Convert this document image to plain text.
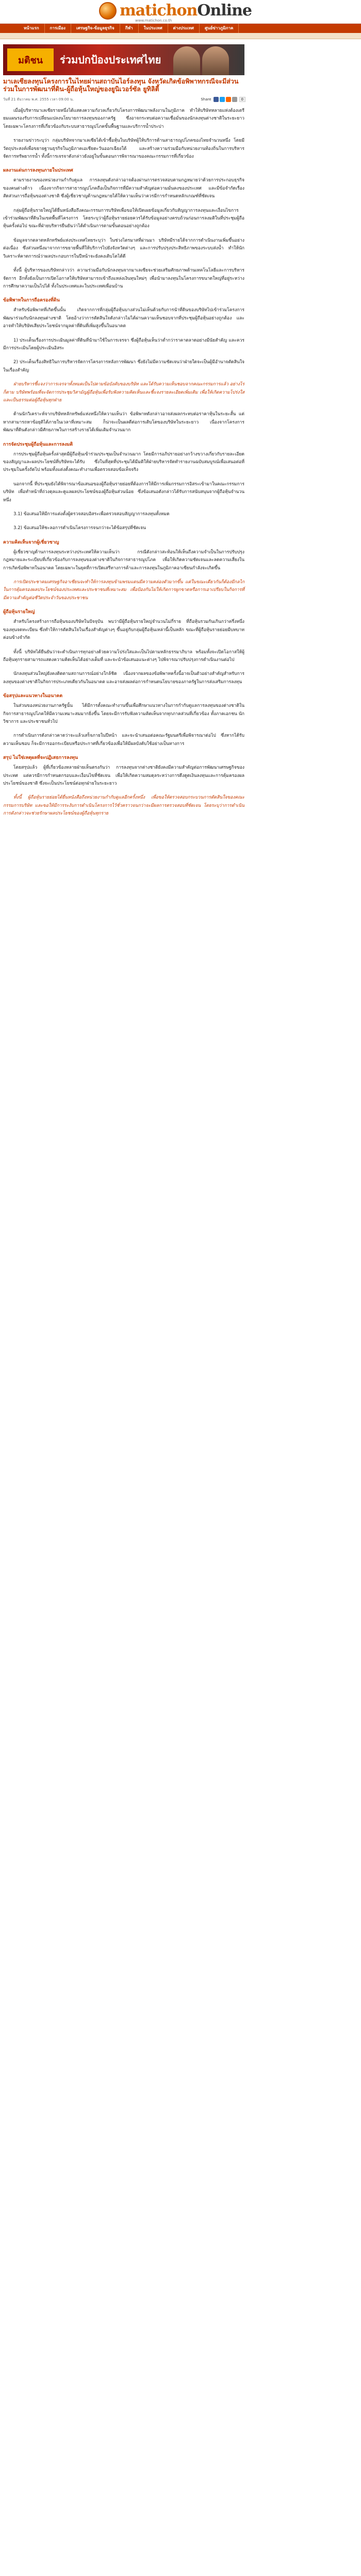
matichonOnline
www.matichon.co.th
หน้าแรก	การเมือง	เศรษฐกิจ-ข้อมูลธุรกิจ	กีฬา	ในประเทศ	ต่างประเทศ	ศูนย์ข่าวภูมิภาค
มติชน	ร่วมปกป้องประเทศไทย
มาเลเซียลงทุนโครงการในไทยผ่านสถาบันไอร์ลงทุน จังหวัดเกิดข้อพิพาทกรณีจะมีส่วนร่วมในการพัฒนาที่ดิน-ผู้ถือหุ้นใหญ่ของยูนิเวอร์ซัล ยูทิลิตี้
วันที่ 21 ธันวาคม พ.ศ. 2555 เวลา 09:00 น.	Share	0

เมื่อผู้บริหารมาเลเซียรายหนึ่งได้แสดงความกังวลเกี่ยวกับโครงการพัฒนาพลังงานในภูมิภาค ทำให้บริษัทหลายแห่งต้องเตรียมแผนรองรับการเปลี่ยนแปลงนโยบายการลงทุนของภาครัฐ ซึ่งอาจกระทบต่อความเชื่อมั่นของนักลงทุนต่างชาติในระยะยาว โดยเฉพาะโครงการที่เกี่ยวข้องกับระบบสาธารณูปโภคขั้นพื้นฐานและบริการน้ำประปา

รายงานข่าวระบุว่า กลุ่มบริษัทจากมาเลเซียได้เข้าซื้อหุ้นในบริษัทผู้ให้บริการด้านสาธารณูปโภคของไทยจำนวนหนึ่ง โดยมีวัตถุประสงค์เพื่อขยายฐานธุรกิจในภูมิภาคเอเชียตะวันออกเฉียงใต้ และสร้างความร่วมมือกับหน่วยงานท้องถิ่นในการบริหารจัดการทรัพยากรน้ำ ทั้งนี้การเจรจาดังกล่าวยังอยู่ในขั้นตอนการพิจารณาของคณะกรรมการที่เกี่ยวข้อง

ผลงานเด่นการลงทุนภายในประเทศ

ตามรายงานของหน่วยงานกำกับดูแล การลงทุนดังกล่าวอาจต้องผ่านการตรวจสอบตามกฎหมายว่าด้วยการประกอบธุรกิจของคนต่างด้าว เนื่องจากกิจการสาธารณูปโภคถือเป็นกิจการที่มีความสำคัญต่อความมั่นคงของประเทศ และมีข้อจำกัดเรื่องสัดส่วนการถือหุ้นของต่างชาติ ซึ่งผู้เชี่ยวชาญด้านกฎหมายได้ให้ความเห็นว่าควรมีการกำหนดหลักเกณฑ์ที่ชัดเจน

กลุ่มผู้ถือหุ้นรายใหญ่ได้ยื่นหนังสือถึงคณะกรรมการบริษัทเพื่อขอให้เปิดเผยข้อมูลเกี่ยวกับสัญญาการลงทุนและเงื่อนไขการเข้าร่วมพัฒนาที่ดินในเขตพื้นที่โครงการ โดยระบุว่าผู้ถือหุ้นรายย่อยควรได้รับข้อมูลอย่างครบถ้วนก่อนการลงมติในที่ประชุมผู้ถือหุ้นครั้งต่อไป ขณะที่ฝ่ายบริหารยืนยันว่าได้ดำเนินการตามขั้นตอนอย่างถูกต้อง

ข้อมูลจากตลาดหลักทรัพย์แห่งประเทศไทยระบุว่า ในช่วงไตรมาสที่ผ่านมา บริษัทมีรายได้จากการดำเนินงานเพิ่มขึ้นอย่างต่อเนื่อง ซึ่งส่วนหนึ่งมาจากการขยายพื้นที่ให้บริการไปยังจังหวัดต่างๆ และการปรับปรุงประสิทธิภาพของระบบส่งน้ำ ทำให้นักวิเคราะห์คาดการณ์ว่าผลประกอบการในปีหน้าจะยังคงเติบโตได้ดี

ทั้งนี้ ผู้บริหารของบริษัทกล่าวว่า ความร่วมมือกับนักลงทุนจากมาเลเซียจะช่วยเสริมศักยภาพด้านเทคโนโลยีและการบริหารจัดการ อีกทั้งยังเป็นการเปิดโอกาสให้บริษัทสามารถเข้าถึงแหล่งเงินทุนใหม่ๆ เพื่อนำมาลงทุนในโครงการขนาดใหญ่ที่อยู่ระหว่างการศึกษาความเป็นไปได้ ทั้งในประเทศและในประเทศเพื่อนบ้าน

ข้อพิพาทในการถือครองที่ดิน

สำหรับข้อพิพาทที่เกิดขึ้นนั้น เกิดจากการที่กลุ่มผู้ถือหุ้นบางส่วนไม่เห็นด้วยกับการนำที่ดินของบริษัทไปเข้าร่วมโครงการพัฒนาร่วมกับนักลงทุนต่างชาติ โดยอ้างว่าการตัดสินใจดังกล่าวไม่ได้ผ่านความเห็นชอบจากที่ประชุมผู้ถือหุ้นอย่างถูกต้อง และอาจทำให้บริษัทเสียประโยชน์จากมูลค่าที่ดินที่เพิ่มสูงขึ้นในอนาคต

1) ประเด็นเรื่องการประเมินมูลค่าที่ดินที่นำมาใช้ในการเจรจา ซึ่งผู้ถือหุ้นเห็นว่าต่ำกว่าราคาตลาดอย่างมีนัยสำคัญ และควรมีการประเมินโดยผู้ประเมินอิสระ

2) ประเด็นเรื่องสิทธิในการบริหารจัดการโครงการหลังการพัฒนา ซึ่งยังไม่มีความชัดเจนว่าฝ่ายใดจะเป็นผู้มีอำนาจตัดสินใจในเรื่องสำคัญ

ฝ่ายบริหารชี้แจงว่าการเจรจาทั้งหมดเป็นไปตามข้อบังคับของบริษัท และได้รับความเห็นชอบจากคณะกรรมการแล้ว อย่างไรก็ตาม บริษัทพร้อมที่จะจัดการประชุมวิสามัญผู้ถือหุ้นเพื่อรับฟังความคิดเห็นและชี้แจงรายละเอียดเพิ่มเติม เพื่อให้เกิดความโปร่งใสและเป็นธรรมต่อผู้ถือหุ้นทุกฝ่าย

ด้านนักวิเคราะห์จากบริษัทหลักทรัพย์แห่งหนึ่งให้ความเห็นว่า ข้อพิพาทดังกล่าวอาจส่งผลกระทบต่อราคาหุ้นในระยะสั้น แต่หากสามารถหาข้อยุติได้ภายในเวลาที่เหมาะสม ก็น่าจะเป็นผลดีต่อการเติบโตของบริษัทในระยะยาว เนื่องจากโครงการพัฒนาที่ดินดังกล่าวมีศักยภาพในการสร้างรายได้เพิ่มเติมจำนวนมาก

การจัดประชุมผู้ถือหุ้นและการลงมติ

การประชุมผู้ถือหุ้นครั้งล่าสุดมีผู้ถือหุ้นเข้าร่วมประชุมเป็นจำนวนมาก โดยมีการอภิปรายอย่างกว้างขวางเกี่ยวกับรายละเอียดของสัญญาและผลประโยชน์ที่บริษัทจะได้รับ ซึ่งในที่สุดที่ประชุมได้มีมติให้ฝ่ายบริหารจัดทำรายงานฉบับสมบูรณ์เพื่อเสนอต่อที่ประชุมในครั้งถัดไป พร้อมทั้งแต่งตั้งคณะทำงานเพื่อตรวจสอบข้อเท็จจริง

นอกจากนี้ ที่ประชุมยังได้พิจารณาข้อเสนอของผู้ถือหุ้นรายย่อยที่ต้องการให้มีการเพิ่มกรรมการอิสระเข้ามาในคณะกรรมการบริษัท เพื่อทำหน้าที่ถ่วงดุลและดูแลผลประโยชน์ของผู้ถือหุ้นส่วนน้อย ซึ่งข้อเสนอดังกล่าวได้รับการสนับสนุนจากผู้ถือหุ้นจำนวนหนึ่ง

3.1) ข้อเสนอให้มีการแต่งตั้งผู้ตรวจสอบอิสระเพื่อตรวจสอบสัญญาการลงทุนทั้งหมด

3.2) ข้อเสนอให้ชะลอการดำเนินโครงการจนกว่าจะได้ข้อสรุปที่ชัดเจน

ความคิดเห็นจากผู้เชี่ยวชาญ

ผู้เชี่ยวชาญด้านการลงทุนระหว่างประเทศให้ความเห็นว่า กรณีดังกล่าวสะท้อนให้เห็นถึงความจำเป็นในการปรับปรุงกฎหมายและระเบียบที่เกี่ยวข้องกับการลงทุนของต่างชาติในกิจการสาธารณูปโภค เพื่อให้เกิดความชัดเจนและลดความเสี่ยงในการเกิดข้อพิพาทในอนาคต โดยเฉพาะในยุคที่การเปิดเสรีทางการค้าและการลงทุนในภูมิภาคอาเซียนกำลังจะเกิดขึ้น

การเปิดประชาคมเศรษฐกิจอาเซียนจะทำให้การลงทุนข้ามพรมแดนมีความคล่องตัวมากขึ้น แต่ในขณะเดียวกันก็ต้องมีกลไกในการคุ้มครองผลประโยชน์ของประเทศและประชาชนที่เหมาะสม เพื่อป้องกันไม่ให้เกิดการผูกขาดหรือการเอาเปรียบในกิจการที่มีความสำคัญต่อชีวิตประจำวันของประชาชน

ผู้ถือหุ้นรายใหญ่

สำหรับโครงสร้างการถือหุ้นของบริษัทในปัจจุบัน พบว่ามีผู้ถือหุ้นรายใหญ่จำนวนไม่กี่ราย ที่ถือหุ้นรวมกันเกินกว่าครึ่งหนึ่งของทุนจดทะเบียน ซึ่งทำให้การตัดสินใจในเรื่องสำคัญต่างๆ ขึ้นอยู่กับกลุ่มผู้ถือหุ้นเหล่านี้เป็นหลัก ขณะที่ผู้ถือหุ้นรายย่อยมีบทบาทค่อนข้างจำกัด

ทั้งนี้ บริษัทได้ยืนยันว่าจะดำเนินการทุกอย่างด้วยความโปร่งใสและเป็นไปตามหลักธรรมาภิบาล พร้อมทั้งจะเปิดโอกาสให้ผู้ถือหุ้นทุกรายสามารถแสดงความคิดเห็นได้อย่างเต็มที่ และจะนำข้อเสนอแนะต่างๆ ไปพิจารณาปรับปรุงการดำเนินงานต่อไป

นักลงทุนส่วนใหญ่ยังคงติดตามสถานการณ์อย่างใกล้ชิด เนื่องจากผลของข้อพิพาทครั้งนี้อาจเป็นตัวอย่างสำคัญสำหรับการลงทุนของต่างชาติในกิจการประเภทเดียวกันในอนาคต และอาจส่งผลต่อการกำหนดนโยบายของภาครัฐในการส่งเสริมการลงทุน

ข้อสรุปและแนวทางในอนาคต

ในส่วนของหน่วยงานภาครัฐนั้น ได้มีการตั้งคณะทำงานขึ้นเพื่อศึกษาแนวทางในการกำกับดูแลการลงทุนของต่างชาติในกิจการสาธารณูปโภคให้มีความเหมาะสมมากยิ่งขึ้น โดยจะมีการรับฟังความคิดเห็นจากทุกภาคส่วนที่เกี่ยวข้อง ทั้งภาคเอกชน นักวิชาการ และประชาชนทั่วไป

การดำเนินการดังกล่าวคาดว่าจะแล้วเสร็จภายในปีหน้า และจะนำเสนอต่อคณะรัฐมนตรีเพื่อพิจารณาต่อไป ซึ่งหากได้รับความเห็นชอบ ก็จะมีการออกระเบียบหรือประกาศที่เกี่ยวข้องเพื่อให้มีผลบังคับใช้อย่างเป็นทางการ

สรุป ไม่ใช่เหตุผลที่จะปฏิเสธการลงทุน

โดยสรุปแล้ว ผู้ที่เกี่ยวข้องหลายฝ่ายเห็นตรงกันว่า การลงทุนจากต่างชาติยังคงมีความสำคัญต่อการพัฒนาเศรษฐกิจของประเทศ แต่ควรมีการกำหนดกรอบและเงื่อนไขที่ชัดเจน เพื่อให้เกิดความสมดุลระหว่างการดึงดูดเงินลงทุนและการคุ้มครองผลประโยชน์ของชาติ ซึ่งจะเป็นประโยชน์ต่อทุกฝ่ายในระยะยาว

ทั้งนี้ ผู้ถือหุ้นรายย่อยได้ยื่นหนังสือถึงหน่วยงานกำกับดูแลอีกครั้งหนึ่ง เพื่อขอให้ตรวจสอบกระบวนการตัดสินใจของคณะกรรมการบริษัท และขอให้มีการระงับการดำเนินโครงการไว้ชั่วคราวจนกว่าจะมีผลการตรวจสอบที่ชัดเจน โดยระบุว่าการดำเนินการดังกล่าวจะช่วยรักษาผลประโยชน์ของผู้ถือหุ้นทุกราย
